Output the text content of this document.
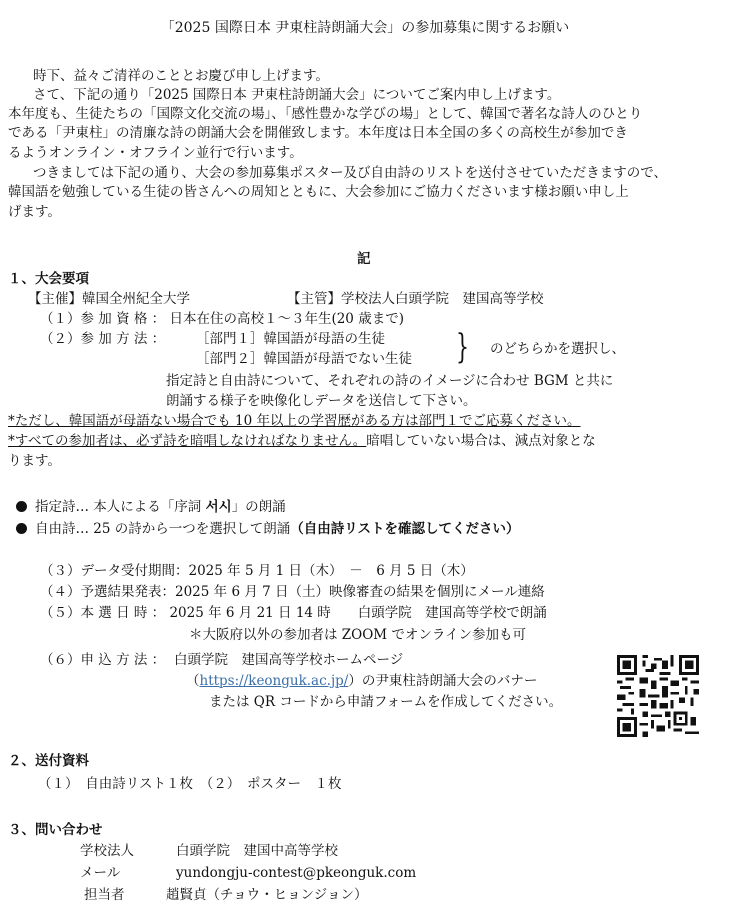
「2025 国際日本 尹東柱詩朗誦大会」の参加募集に関するお願い
時下、益々ご清祥のこととお慶び申し上げます。
さて、下記の通り「2025 国際日本 尹東柱詩朗誦大会」についてご案内申し上げます。
本年度も、生徒たちの「国際文化交流の場」、「感性豊かな学びの場」として、韓国で著名な詩人のひとり
である「尹東柱」の清廉な詩の朗誦大会を開催致します。本年度は日本全国の多くの高校生が参加でき
るようオンライン・オフライン並行で行います。
つきましては下記の通り、大会の参加募集ポスター及び自由詩のリストを送付させていただきますので、
韓国語を勉強している生徒の皆さんへの周知とともに、大会参加にご協力くださいます様お願い申し上
げます。
記
１、大会要項
【主催】韓国全州紀全大学	【主管】学校法人白頭学院　建国高等学校
（１）参 加 資 格 ： 日本在住の高校１～３年生(20 歳まで)
（２）参 加 方 法 ： ［部門１］韓国語が母語の生徒
［部門２］韓国語が母語でない生徒 } のどちらかを選択し、
指定詩と自由詩について、それぞれの詩のイメージに合わせ BGM と共に
朗誦する様子を映像化しデータを送信して下さい。
*ただし、韓国語が母語ない場合でも 10 年以上の学習歴がある方は部門１でご応募ください。
*すべての参加者は、必ず詩を暗唱しなければなりません。暗唱していない場合は、減点対象とな
ります。
指定詩… 本人による「序詞 서시」の朗誦
自由詩… 25 の詩から一つを選択して朗誦（自由詩リストを確認してください）
（３）データ受付期間：2025 年 5 月 1 日（木）　－　6 月 5 日（木）
（４）予選結果発表：2025 年 6 月 7 日（土）映像審査の結果を個別にメール連絡
（５）本 選 日 時 ： 2025 年 6 月 21 日 14 時　　白頭学院　建国高等学校で朗誦
＊大阪府以外の参加者は ZOOM でオンライン参加も可
（６）申 込 方 法 ： 白頭学院　建国高等学校ホームページ
（https://keonguk.ac.jp/）の尹東柱詩朗誦大会のバナー
または QR コードから申請フォームを作成してください。
２、送付資料
（１）　自由詩リスト１枚　（２）　ポスター　１枚
３、問い合わせ
学校法人	白頭学院　建国中高等学校
メール	yundongju-contest@pkeonguk.com
担当者	趙賢貞（チョウ・ヒョンジョン）
